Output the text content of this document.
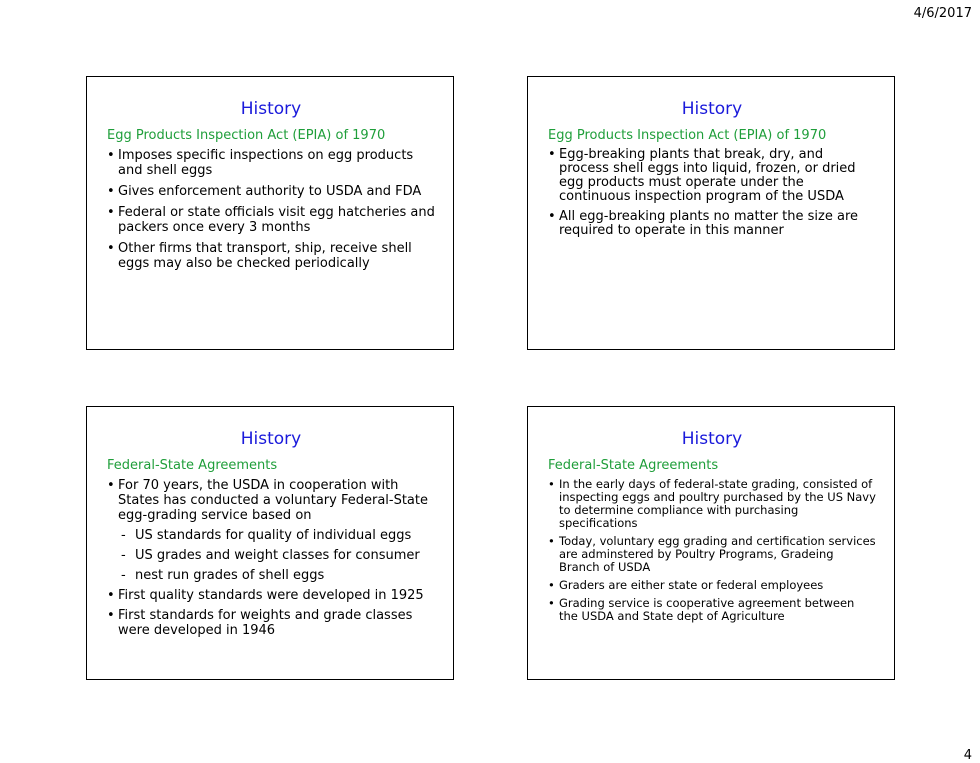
4/6/2017
History
Egg Products Inspection Act (EPIA) of 1970
• Imposes specific inspections on egg products and shell eggs
• Gives enforcement authority to USDA and FDA
• Federal or state officials visit egg hatcheries and packers once every 3 months
• Other firms that transport, ship, receive shell eggs may also be checked periodically
History
Egg Products Inspection Act (EPIA) of 1970
• Egg-breaking plants that break, dry, and process shell eggs into liquid, frozen, or dried egg products must operate under the continuous inspection program of the USDA
• All egg-breaking plants no matter the size are required to operate in this manner
History
Federal-State Agreements
• For 70 years, the USDA in cooperation with States has conducted a voluntary Federal-State egg-grading service based on
- US standards for quality of individual eggs
- US grades and weight classes for consumer
- nest run grades of shell eggs
• First quality standards were developed in 1925
• First standards for weights and grade classes were developed in 1946
History
Federal-State Agreements
• In the early days of federal-state grading, consisted of inspecting eggs and poultry purchased by the US Navy to determine compliance with purchasing specifications
• Today, voluntary egg grading and certification services are adminstered by Poultry Programs, Gradeing Branch of USDA
• Graders are either state or federal employees
• Grading service is cooperative agreement between the USDA and State dept of Agriculture
4
